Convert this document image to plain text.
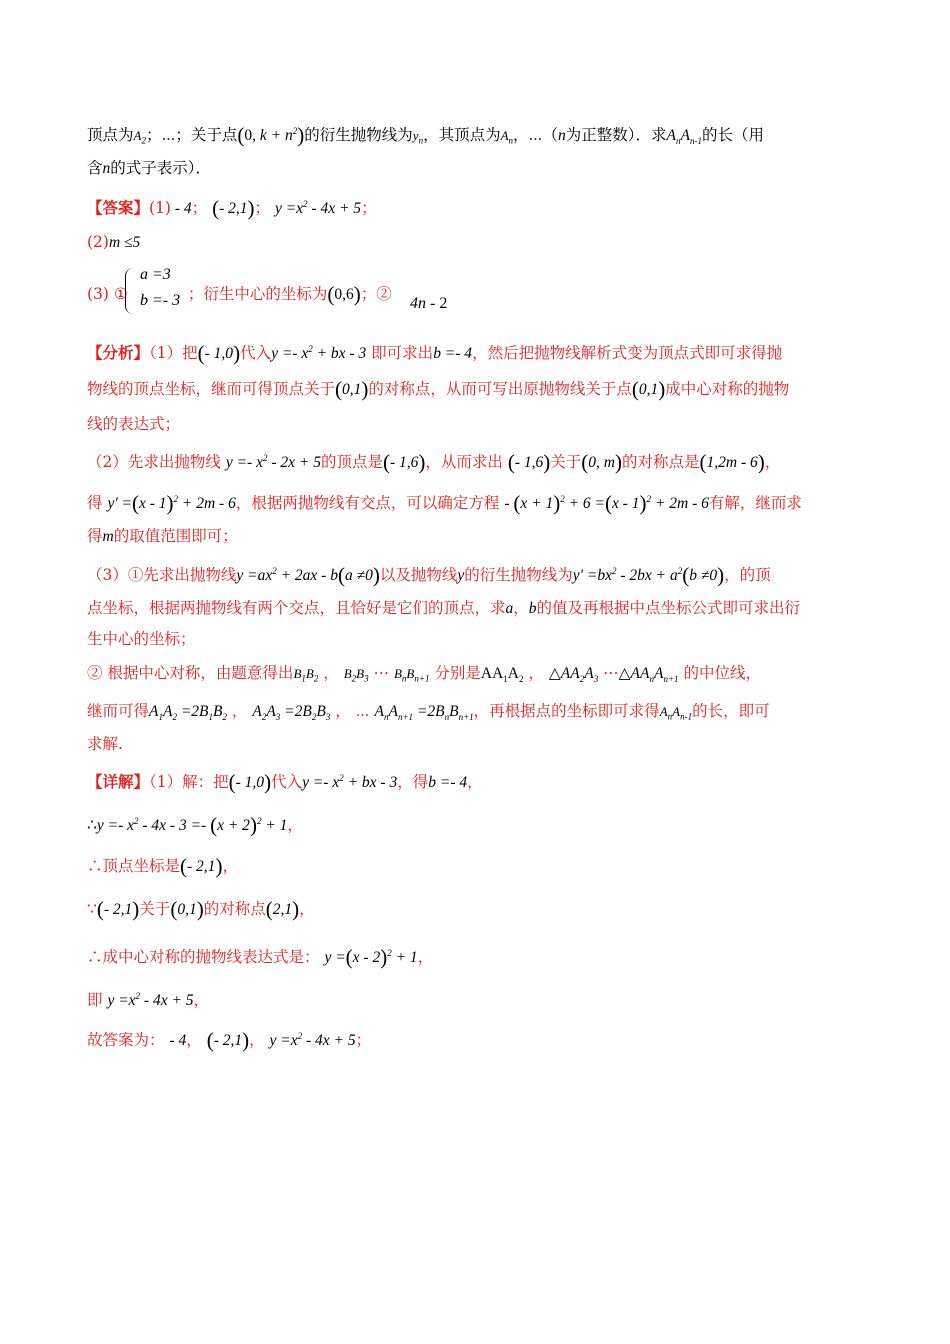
顶点为$A_2$；⋯；关于点(0, $k + n^2$)的衍生抛物线为$y_n$，其顶点为$A_n$，⋯（n为正整数）．求$A_nA_{n-1}$的长（用
含n的式子表示）．
【答案】(1) - 4； (- 2,1)； $y =x^2 - 4x + 5$；
(2)m ≤5
(3) ①	；衍生中心的坐标为(0,6)；②
a =3
b =- 3	4n - 2
【分析】（1）把(- 1,0)代入$y =- x^2$ + bx - 3 即可求出b =- 4，然后把抛物线解析式变为顶点式即可求得抛
物线的顶点坐标，继而可得顶点关于(0,1)的对称点，从而可写出原抛物线关于点(0,1)成中心对称的抛物
线的表达式；
（2）先求出抛物线 $y =- x^2 - 2x + 5$的顶点是(- 1,6)，从而求出 (- 1,6)关于(0, m)的对称点是(1,2m - 6)，
得 y' =(x - 1)$^2$ + 2m - 6，根据两抛物线有交点，可以确定方程 - $(x + 1)^2 + 6 =(x - 1)^2 + 2m - 6$有解，继而求
得m的取值范围即可；
（3）①先求出抛物线$y =ax^2 + 2ax - b(a \ne 0)$以及抛物线y的衍生抛物线为$y' =bx^2 - 2bx + a^2(b \ne 0)$，的顶
点坐标，根据两抛物线有两个交点，且恰好是它们的顶点，求a，b的值及再根据中点坐标公式即可求出衍
生中心的坐标；
② 根据中心对称，由题意得出$B_1B_2$ ， $B_2B_3$ ⋯ $B_nB_{n+1}$ 分别是$AA_1A_2$ ， $\triangle AA_2A_3$ $\cdots\triangle AA_nA_{n+1}$ 的中位线，
继而可得$A_1A_2 =2B_1B_2$ ， $A_2A_3 =2B_2B_3$ ， ⋯ $A_nA_{n+1} =2B_nB_{n+1}$，再根据点的坐标即可求得$A_nA_{n-1}$的长，即可
求解.
【详解】（1）解：把(- 1,0)代入$y =- x^2$ + bx - 3，得b =- 4，
∴y =- $x^2 - 4x - 3 =- (x + 2)^2 + 1$，
∴顶点坐标是(- 2,1)，
∵(- 2,1)关于(0,1)的对称点(2,1)，
∴成中心对称的抛物线表达式是： y =(x - 2)$^2$ + 1，
即 $y =x^2 - 4x + 5$，
故答案为： - 4， (- 2,1)， $y =x^2 - 4x + 5$；
